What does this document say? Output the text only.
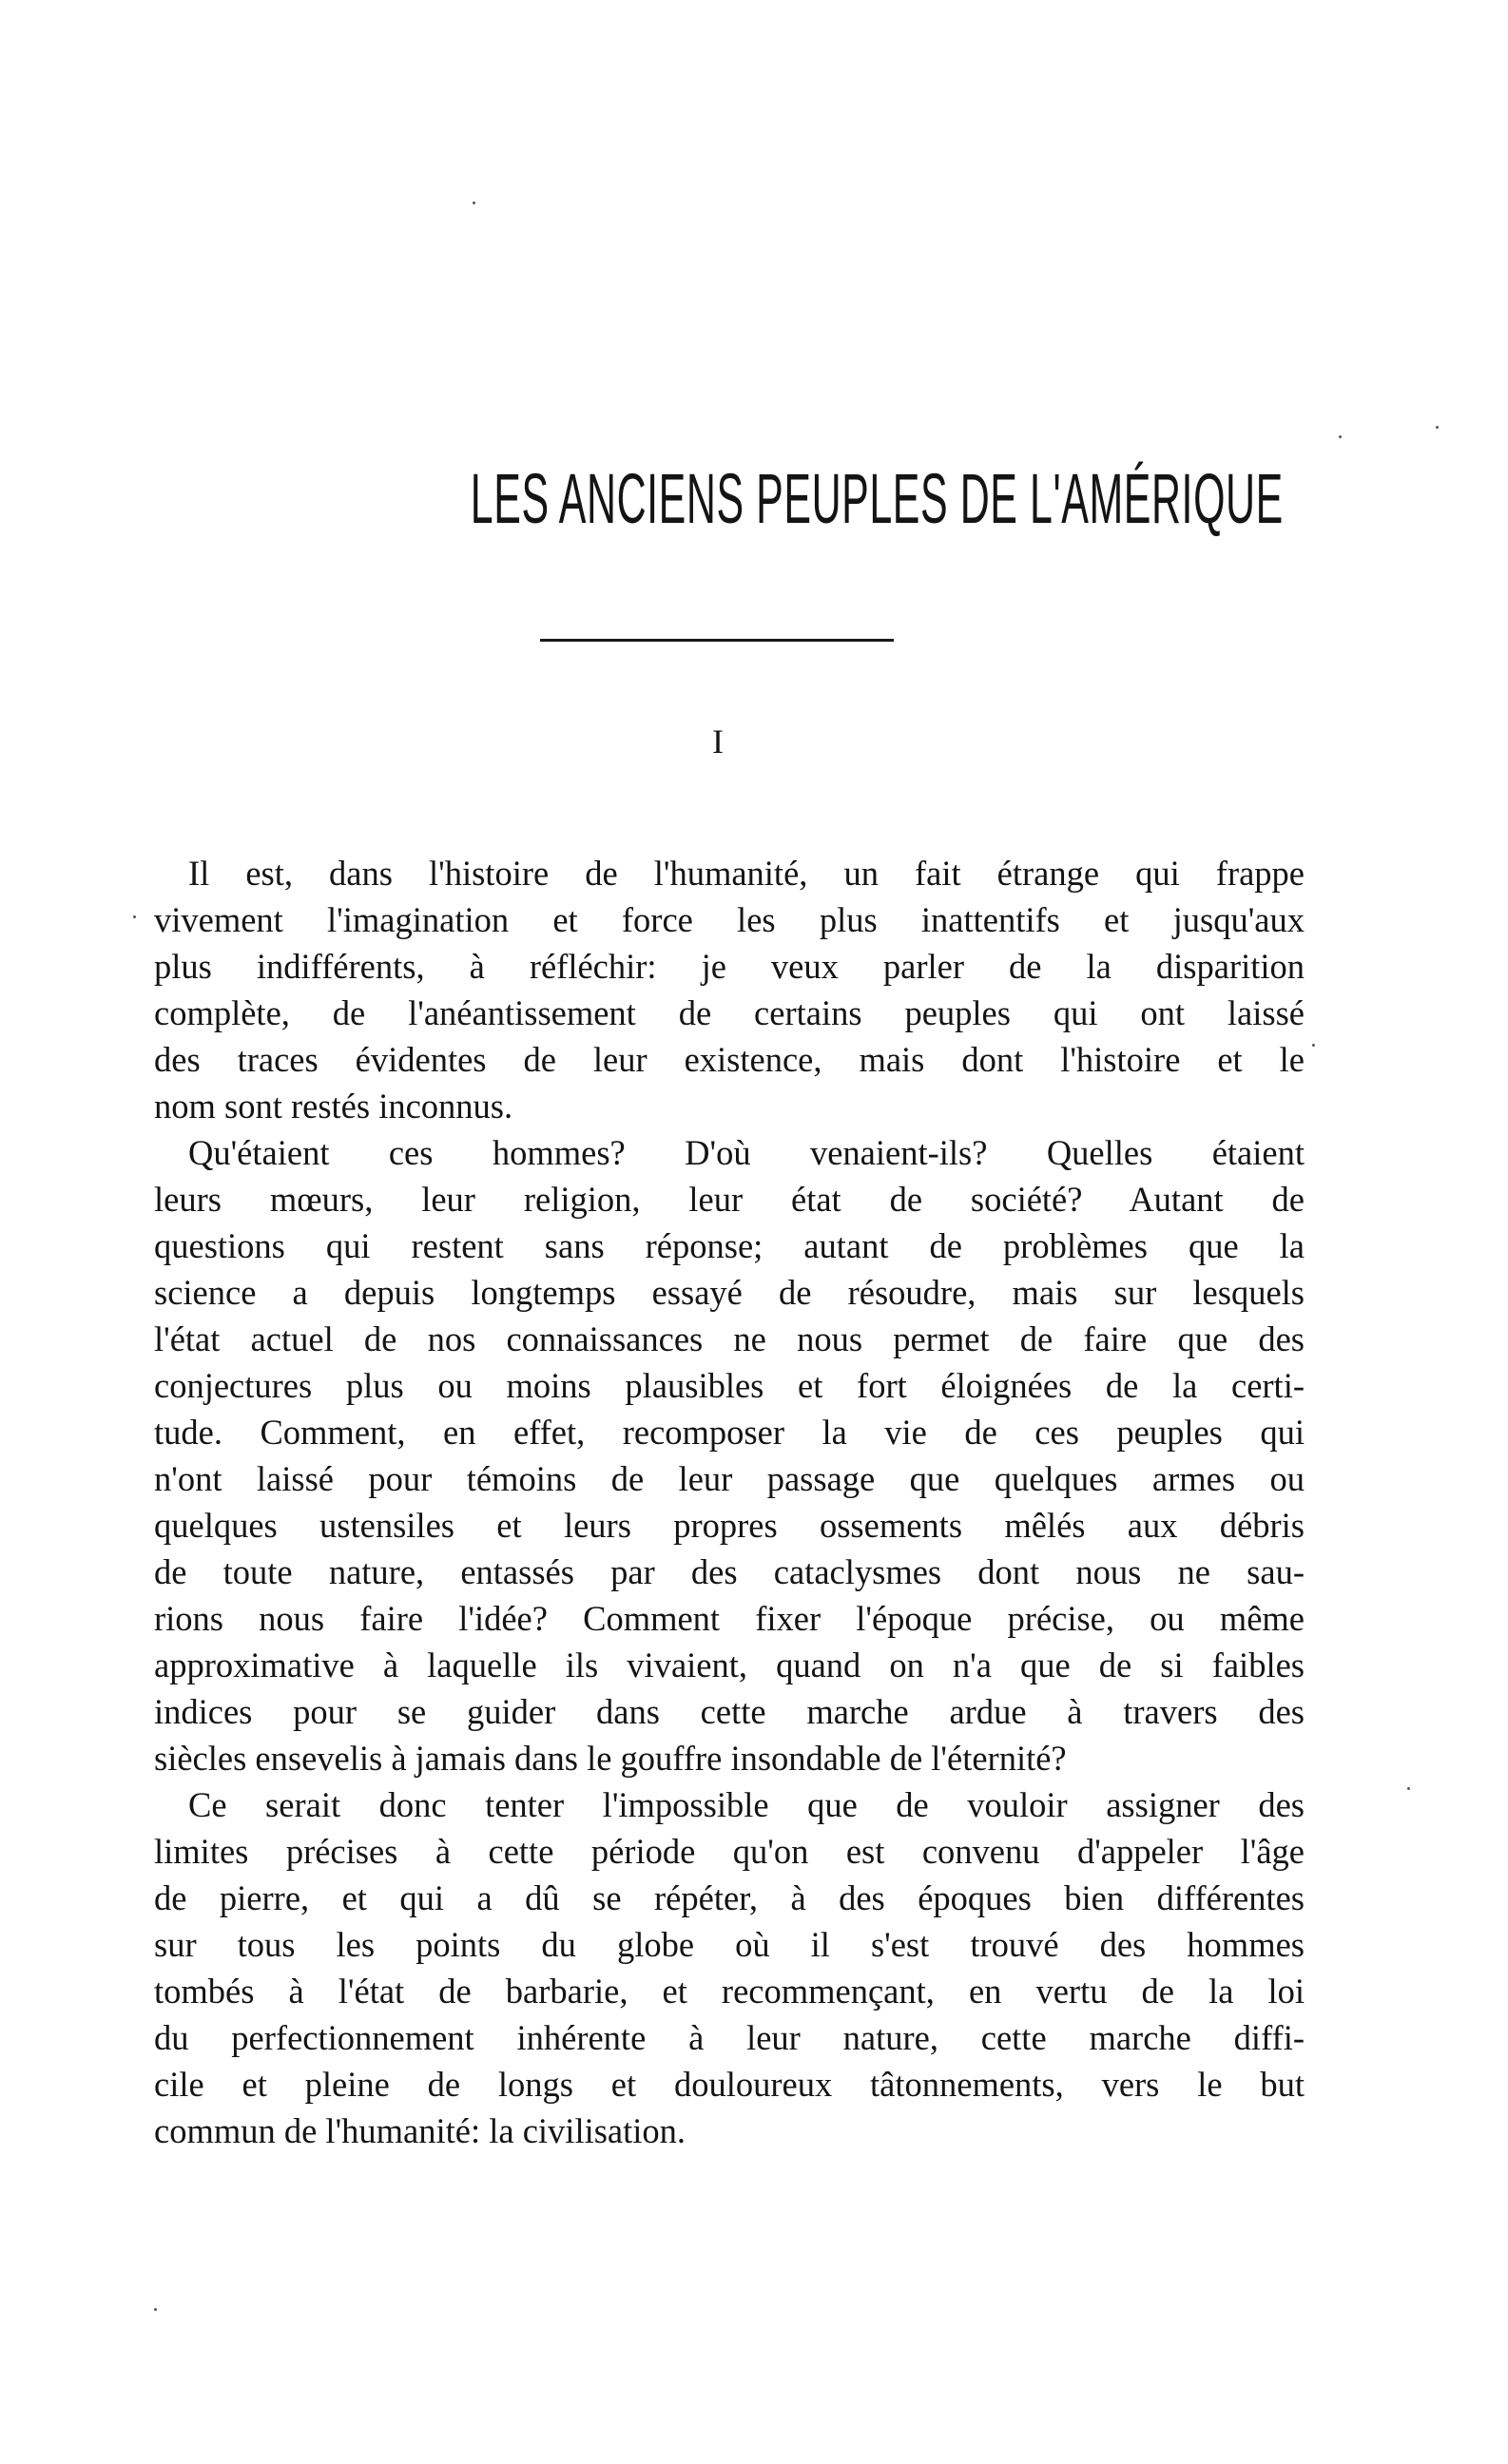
LES ANCIENS PEUPLES DE L'AMÉRIQUE
I
Il est, dans l'histoire de l'humanité, un fait étrange qui frappe
vivement l'imagination et force les plus inattentifs et jusqu'aux
plus indifférents, à réfléchir: je veux parler de la disparition
complète, de l'anéantissement de certains peuples qui ont laissé
des traces évidentes de leur existence, mais dont l'histoire et le
nom sont restés inconnus.
Qu'étaient ces hommes? D'où venaient-ils? Quelles étaient
leurs mœurs, leur religion, leur état de société? Autant de
questions qui restent sans réponse; autant de problèmes que la
science a depuis longtemps essayé de résoudre, mais sur lesquels
l'état actuel de nos connaissances ne nous permet de faire que des
conjectures plus ou moins plausibles et fort éloignées de la certi-
tude. Comment, en effet, recomposer la vie de ces peuples qui
n'ont laissé pour témoins de leur passage que quelques armes ou
quelques ustensiles et leurs propres ossements mêlés aux débris
de toute nature, entassés par des cataclysmes dont nous ne sau-
rions nous faire l'idée? Comment fixer l'époque précise, ou même
approximative à laquelle ils vivaient, quand on n'a que de si faibles
indices pour se guider dans cette marche ardue à travers des
siècles ensevelis à jamais dans le gouffre insondable de l'éternité?
Ce serait donc tenter l'impossible que de vouloir assigner des
limites précises à cette période qu'on est convenu d'appeler l'âge
de pierre, et qui a dû se répéter, à des époques bien différentes
sur tous les points du globe où il s'est trouvé des hommes
tombés à l'état de barbarie, et recommençant, en vertu de la loi
du perfectionnement inhérente à leur nature, cette marche diffi-
cile et pleine de longs et douloureux tâtonnements, vers le but
commun de l'humanité: la civilisation.
